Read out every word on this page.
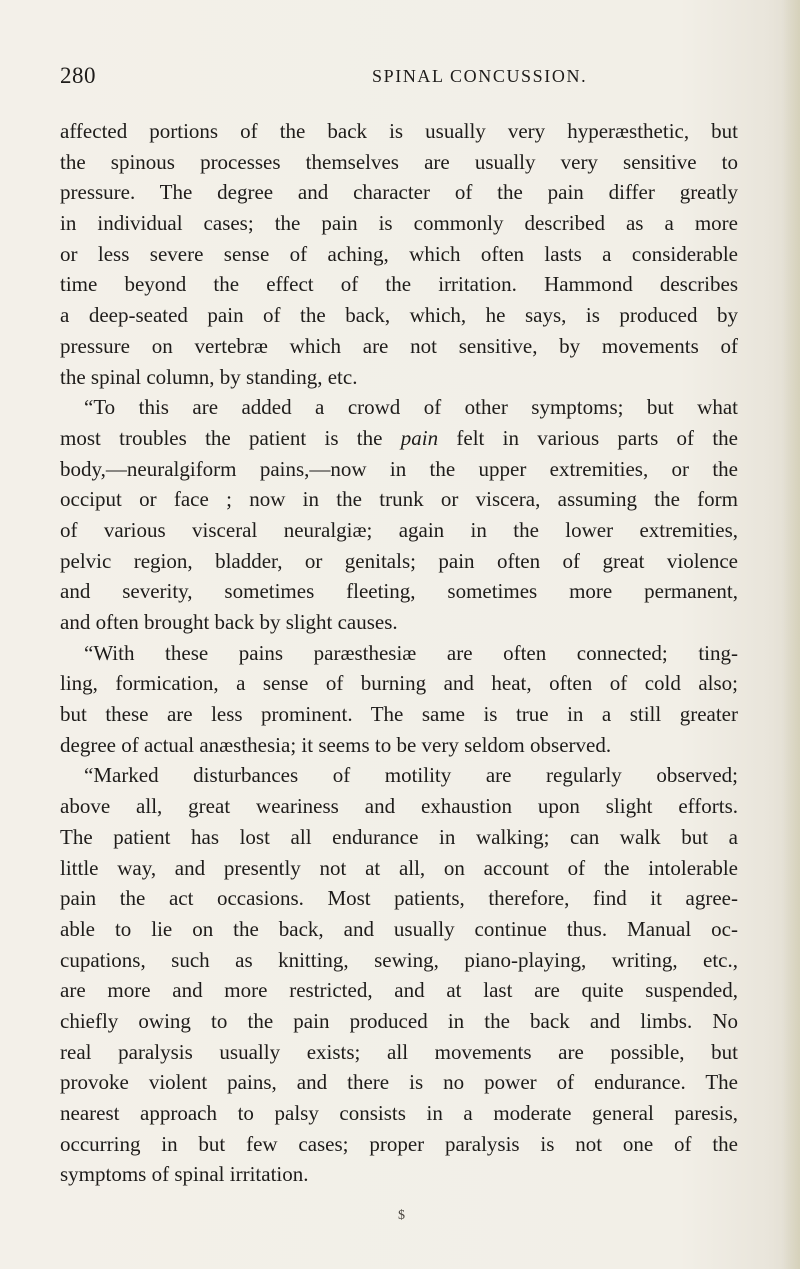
280	SPINAL CONCUSSION.
affected portions of the back is usually very hyperæsthetic, but
the spinous processes themselves are usually very sensitive to
pressure. The degree and character of the pain differ greatly
in individual cases; the pain is commonly described as a more
or less severe sense of aching, which often lasts a considerable
time beyond the effect of the irritation. Hammond describes
a deep-seated pain of the back, which, he says, is produced by
pressure on vertebræ which are not sensitive, by movements of
the spinal column, by standing, etc.
“To this are added a crowd of other symptoms; but what
most troubles the patient is the pain felt in various parts of the
body,—neuralgiform pains,—now in the upper extremities, or the
occiput or face ; now in the trunk or viscera, assuming the form
of various visceral neuralgiæ; again in the lower extremities,
pelvic region, bladder, or genitals; pain often of great violence
and severity, sometimes fleeting, sometimes more permanent,
and often brought back by slight causes.
“With these pains paræsthesiæ are often connected; ting-
ling, formication, a sense of burning and heat, often of cold also;
but these are less prominent. The same is true in a still greater
degree of actual anæsthesia; it seems to be very seldom observed.
“Marked disturbances of motility are regularly observed;
above all, great weariness and exhaustion upon slight efforts.
The patient has lost all endurance in walking; can walk but a
little way, and presently not at all, on account of the intolerable
pain the act occasions. Most patients, therefore, find it agree-
able to lie on the back, and usually continue thus. Manual oc-
cupations, such as knitting, sewing, piano-playing, writing, etc.,
are more and more restricted, and at last are quite suspended,
chiefly owing to the pain produced in the back and limbs. No
real paralysis usually exists; all movements are possible, but
provoke violent pains, and there is no power of endurance. The
nearest approach to palsy consists in a moderate general paresis,
occurring in but few cases; proper paralysis is not one of the
symptoms of spinal irritation.
$
